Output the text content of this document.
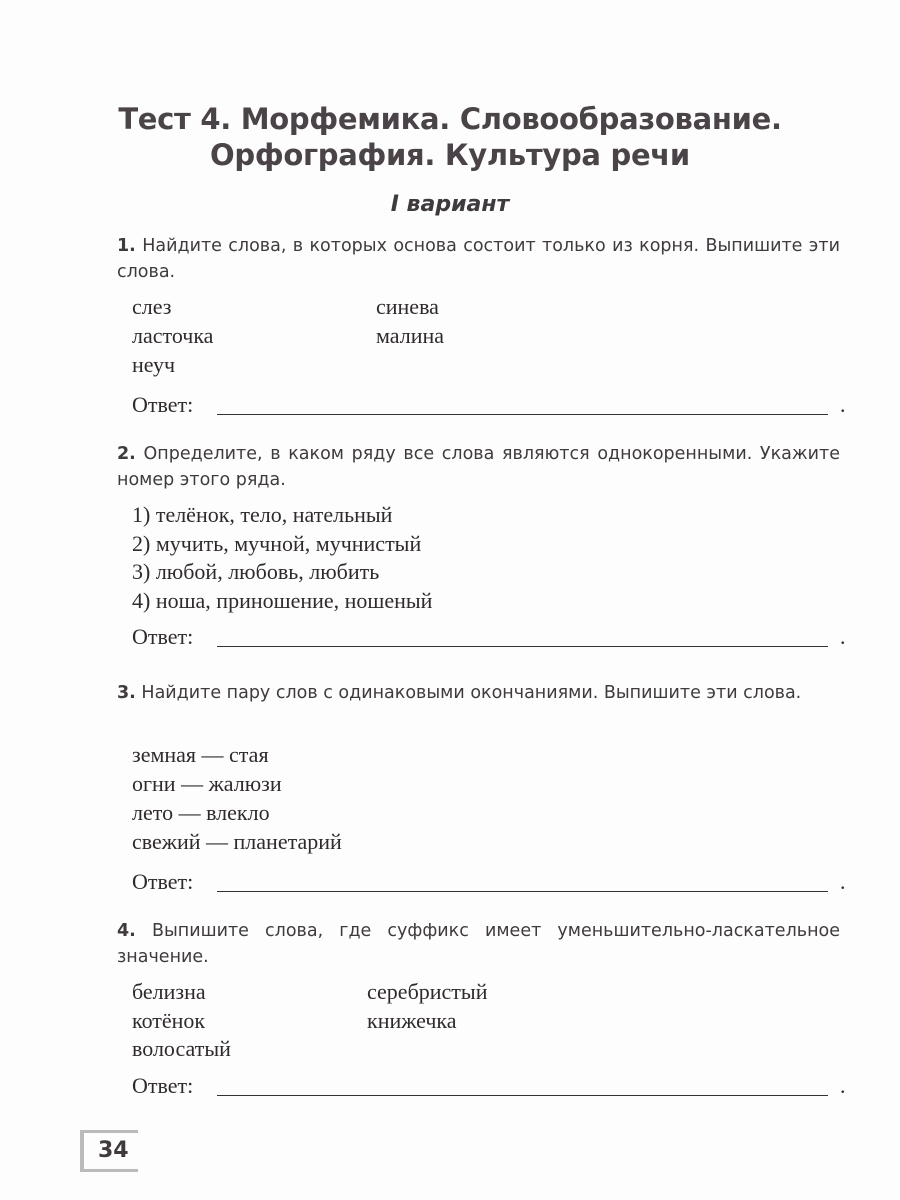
Тест 4. Морфемика. Словообразование.
Орфография. Культура речи
I вариант
1. Найдите слова, в которых основа состоит только из корня. Выпишите эти слова.
слез
ласточка
неуч
синева
малина
Ответ:	.
2. Определите, в каком ряду все слова являются однокоренными. Укажите номер этого ряда.
1) телёнок, тело, нательный
2) мучить, мучной, мучнистый
3) любой, любовь, любить
4) ноша, приношение, ношеный
Ответ:	.
3. Найдите пару слов с одинаковыми окончаниями. Выпишите эти слова.
земная — стая
огни — жалюзи
лето — влекло
свежий — планетарий
Ответ:	.
4. Выпишите слова, где суффикс имеет уменьшительно-ласкательное значение.
белизна
котёнок
волосатый
серебристый
книжечка
Ответ:	.
34
